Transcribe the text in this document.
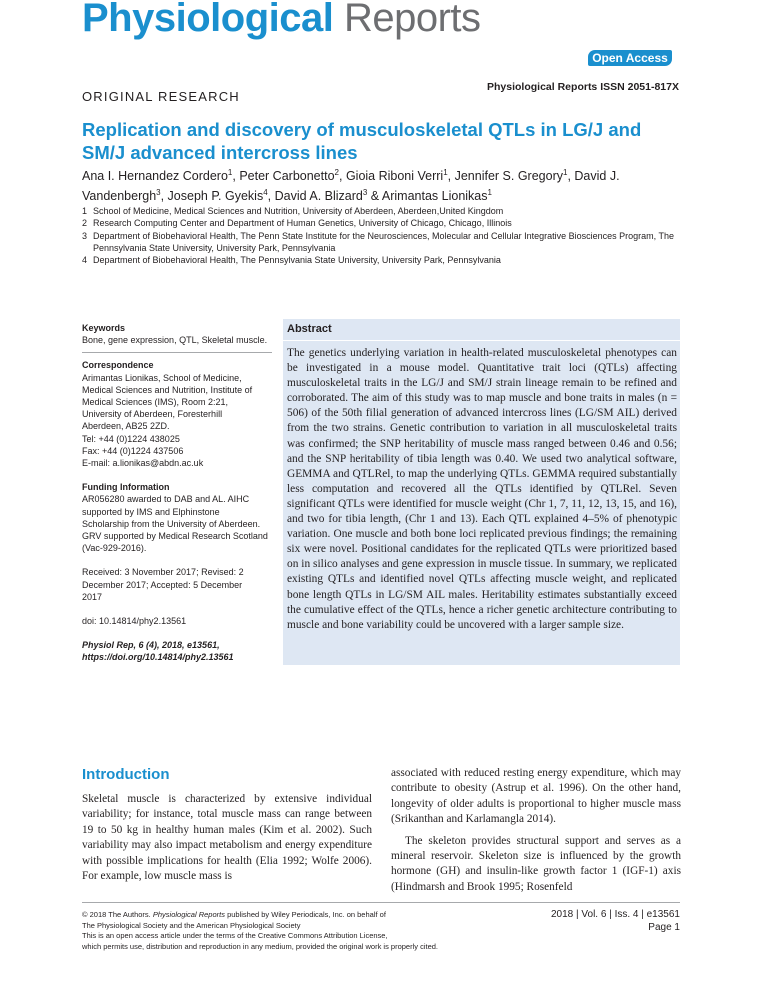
Physiological Reports
Open Access
Physiological Reports ISSN 2051-817X
ORIGINAL RESEARCH
Replication and discovery of musculoskeletal QTLs in LG/J and SM/J advanced intercross lines
Ana I. Hernandez Cordero$^1$, Peter Carbonetto$^2$, Gioia Riboni Verri$^1$, Jennifer S. Gregory$^1$, David J. Vandenbergh$^3$, Joseph P. Gyekis$^4$, David A. Blizard$^3$ & Arimantas Lionikas$^1$
1 School of Medicine, Medical Sciences and Nutrition, University of Aberdeen, Aberdeen,United Kingdom
2 Research Computing Center and Department of Human Genetics, University of Chicago, Chicago, Illinois
3 Department of Biobehavioral Health, The Penn State Institute for the Neurosciences, Molecular and Cellular Integrative Biosciences Program, The Pennsylvania State University, University Park, Pennsylvania
4 Department of Biobehavioral Health, The Pennsylvania State University, University Park, Pennsylvania
Keywords
Bone, gene expression, QTL, Skeletal muscle.
Correspondence
Arimantas Lionikas, School of Medicine,
Medical Sciences and Nutrition, Institute of
Medical Sciences (IMS), Room 2:21,
University of Aberdeen, Foresterhill
Aberdeen, AB25 2ZD.
Tel: +44 (0)1224 438025
Fax: +44 (0)1224 437506
E-mail: a.lionikas@abdn.ac.uk
Funding Information
AR056280 awarded to DAB and AL. AIHC
supported by IMS and Elphinstone
Scholarship from the University of Aberdeen.
GRV supported by Medical Research Scotland
(Vac-929-2016).
Received: 3 November 2017; Revised: 2
December 2017; Accepted: 5 December
2017
doi: 10.14814/phy2.13561
Physiol Rep, 6 (4), 2018, e13561,
https://doi.org/10.14814/phy2.13561
Abstract
The genetics underlying variation in health-related musculoskeletal phenotypes can be investigated in a mouse model. Quantitative trait loci (QTLs) affecting musculoskeletal traits in the LG/J and SM/J strain lineage remain to be refined and corroborated. The aim of this study was to map muscle and bone traits in males (n = 506) of the 50th filial generation of advanced intercross lines (LG/SM AIL) derived from the two strains. Genetic contribution to variation in all musculoskeletal traits was confirmed; the SNP heritability of muscle mass ranged between 0.46 and 0.56; and the SNP heritability of tibia length was 0.40. We used two analytical software, GEMMA and QTLRel, to map the underlying QTLs. GEMMA required substantially less computation and recovered all the QTLs identified by QTLRel. Seven significant QTLs were identified for muscle weight (Chr 1, 7, 11, 12, 13, 15, and 16), and two for tibia length, (Chr 1 and 13). Each QTL explained 4–5% of phenotypic variation. One muscle and both bone loci replicated previous findings; the remaining six were novel. Positional candidates for the replicated QTLs were prioritized based on in silico analyses and gene expression in muscle tissue. In summary, we replicated existing QTLs and identified novel QTLs affecting muscle weight, and replicated bone length QTLs in LG/SM AIL males. Heritability estimates substantially exceed the cumulative effect of the QTLs, hence a richer genetic architecture contributing to muscle and bone variability could be uncovered with a larger sample size.
Introduction

Skeletal muscle is characterized by extensive individual variability; for instance, total muscle mass can range between 19 to 50 kg in healthy human males (Kim et al. 2002). Such variability may also impact metabolism and energy expenditure with possible implications for health (Elia 1992; Wolfe 2006). For example, low muscle mass is

associated with reduced resting energy expenditure, which may contribute to obesity (Astrup et al. 1996). On the other hand, longevity of older adults is proportional to higher muscle mass (Srikanthan and Karlamangla 2014).

The skeleton provides structural support and serves as a mineral reservoir. Skeleton size is influenced by the growth hormone (GH) and insulin-like growth factor 1 (IGF-1) axis (Hindmarsh and Brook 1995; Rosenfeld

© 2018 The Authors. Physiological Reports published by Wiley Periodicals, Inc. on behalf of
The Physiological Society and the American Physiological Society
This is an open access article under the terms of the Creative Commons Attribution License,
which permits use, distribution and reproduction in any medium, provided the original work is properly cited.
2018 | Vol. 6 | Iss. 4 | e13561
Page 1
